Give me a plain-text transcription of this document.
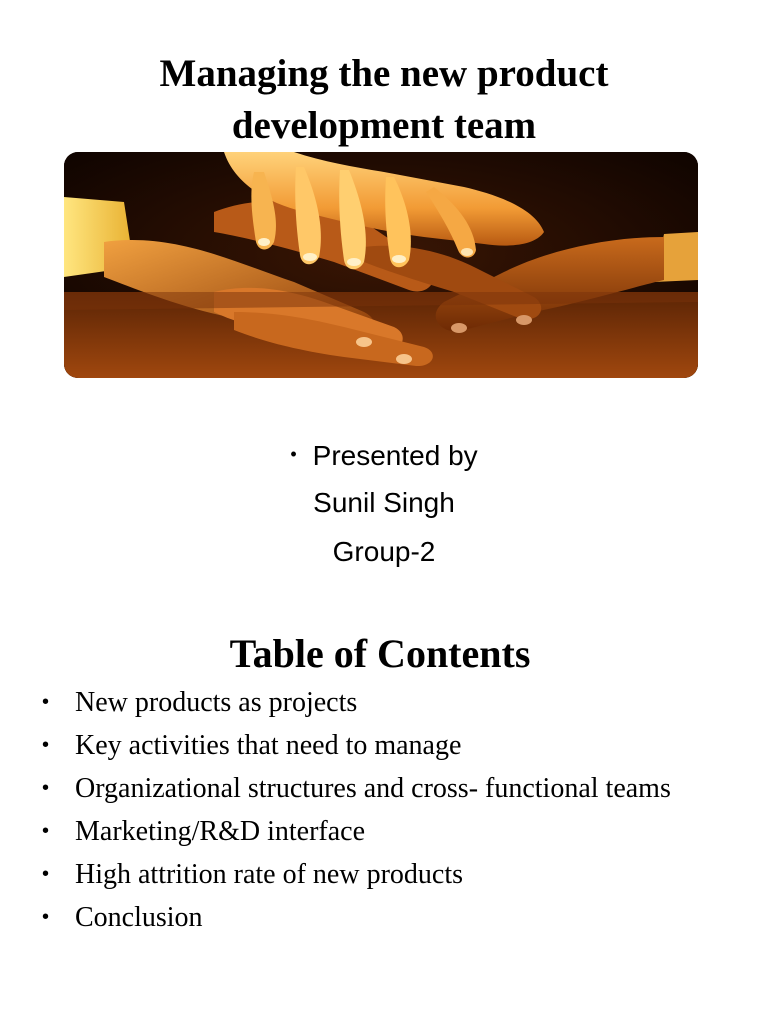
Managing the new product
development team
• Presented by
Sunil Singh
Group-2
Table of Contents
• New products as projects
• Key activities that need to manage
• Organizational structures and cross- functional teams
• Marketing/R&D interface
• High attrition rate of new products
• Conclusion
